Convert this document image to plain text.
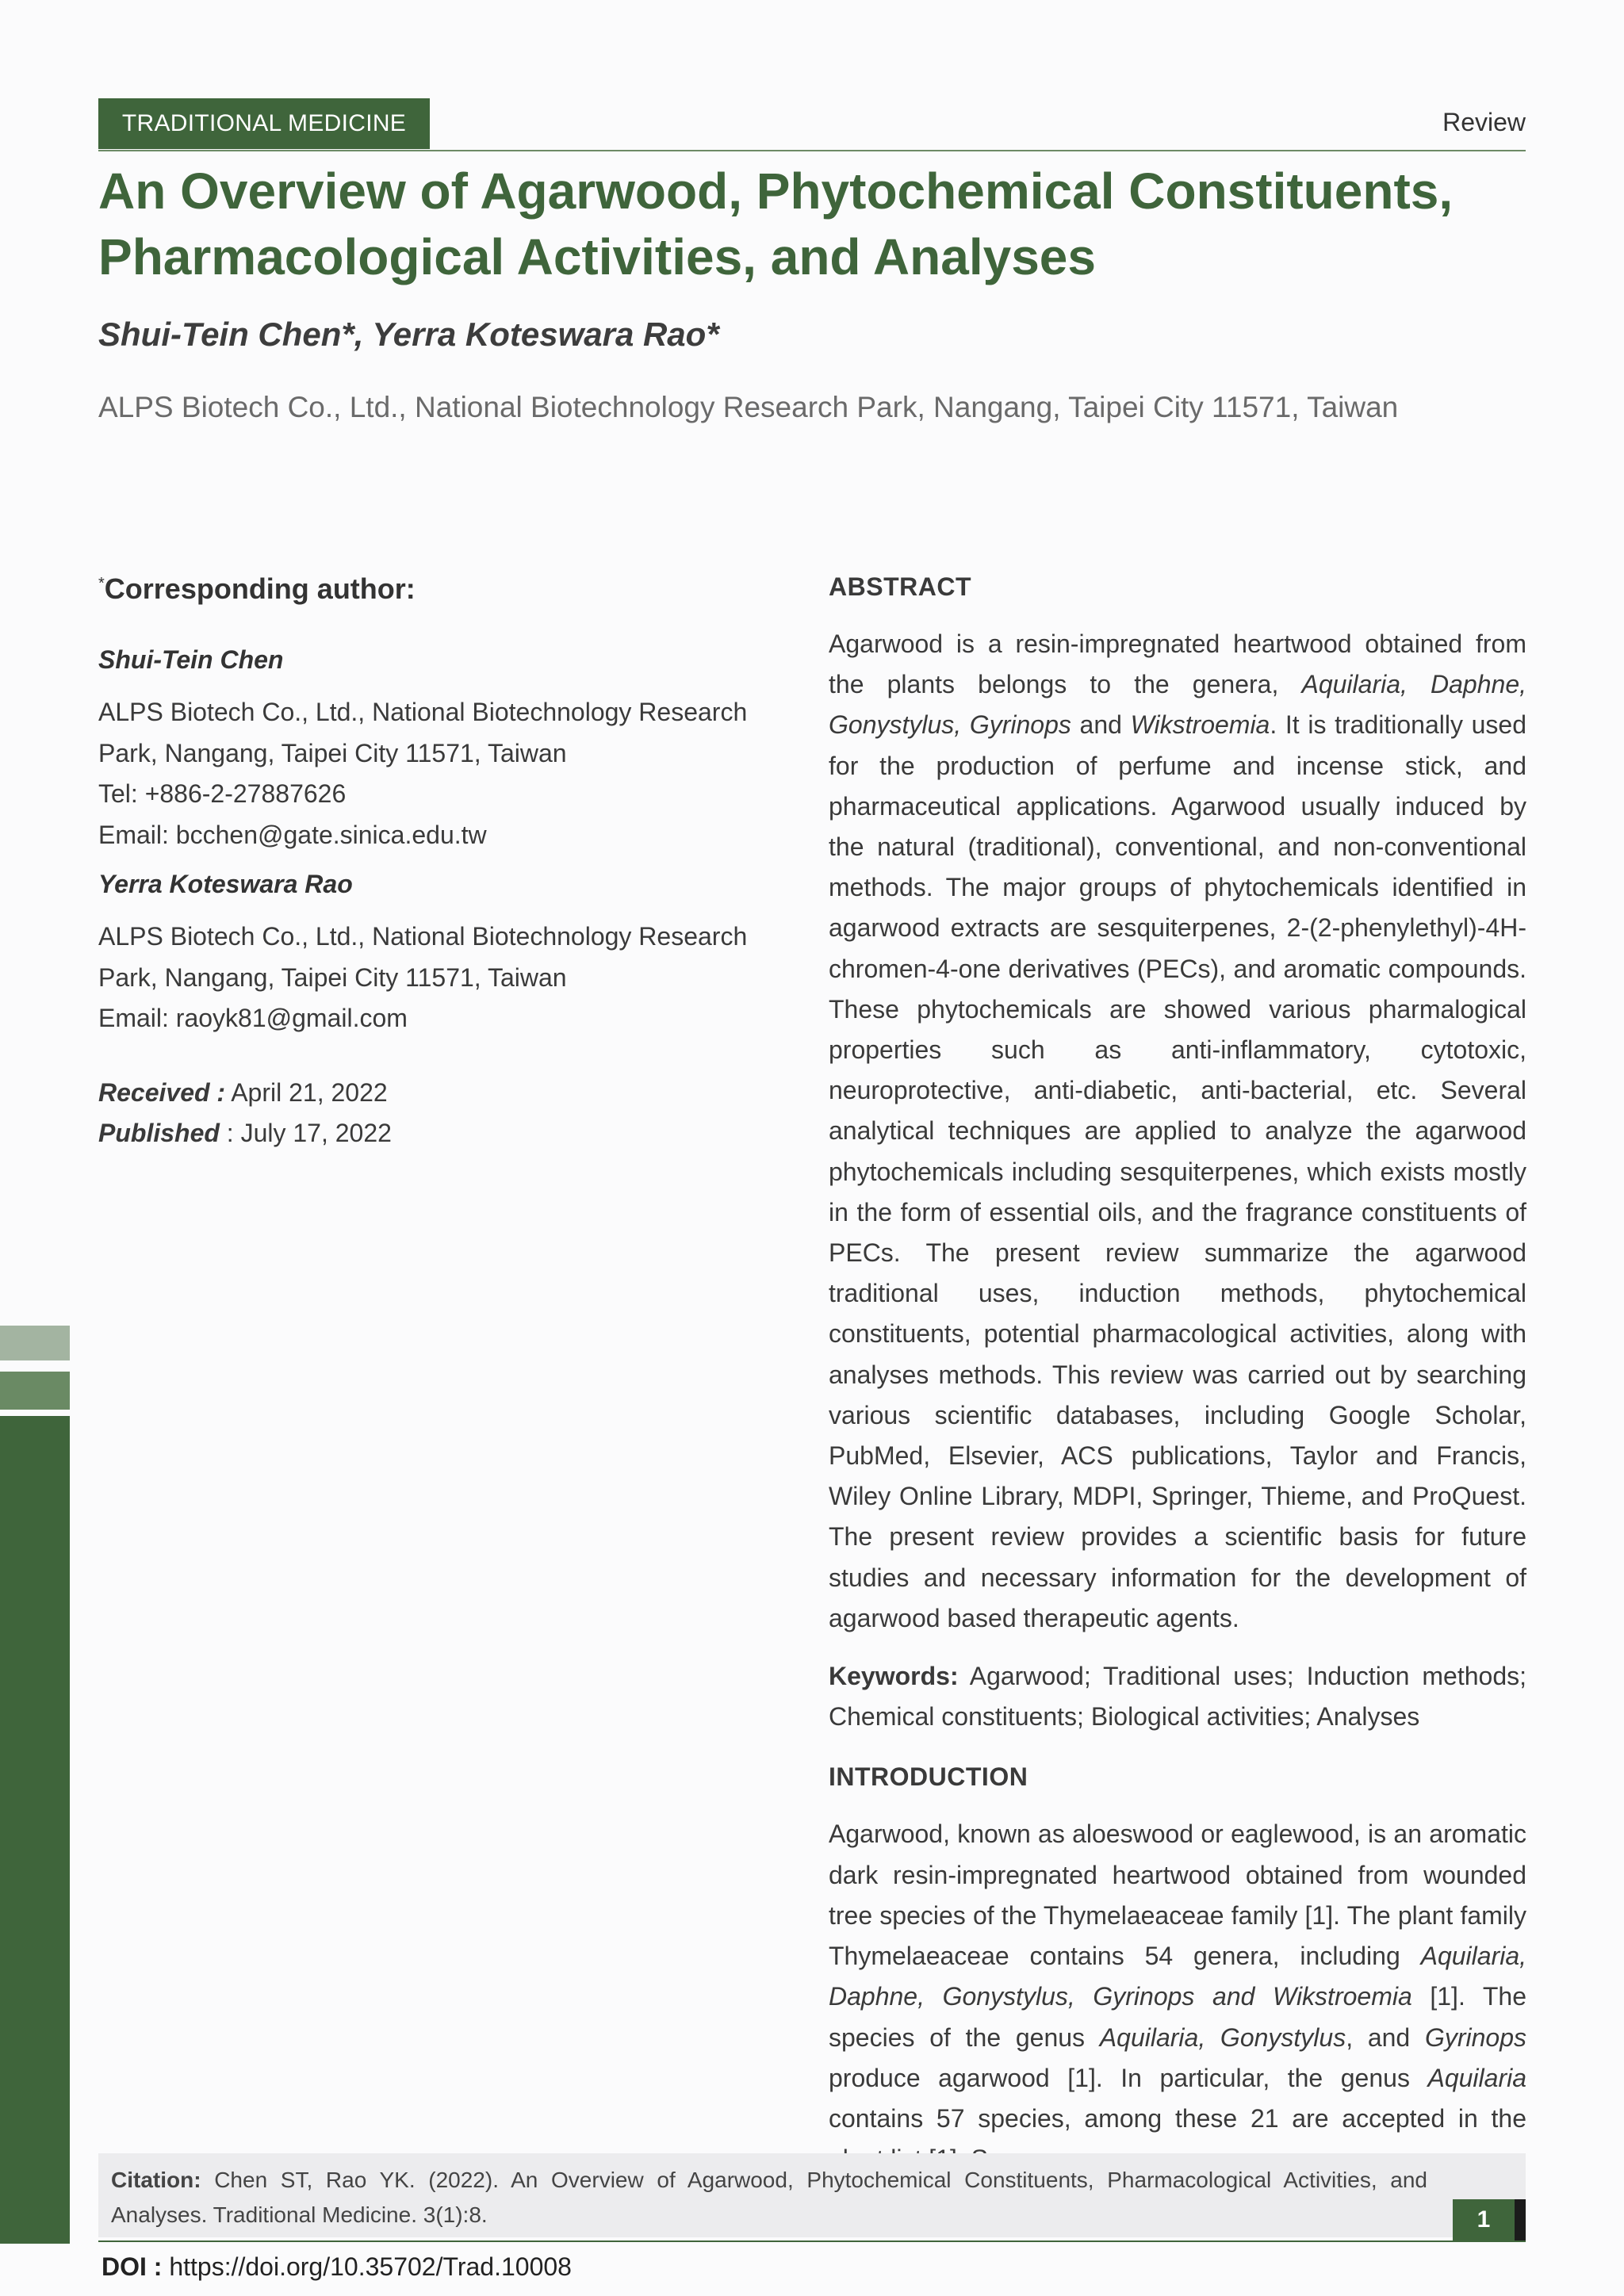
TRADITIONAL MEDICINE	Review
An Overview of Agarwood, Phytochemical Constituents, Pharmacological Activities, and Analyses
Shui-Tein Chen*, Yerra Koteswara Rao*
ALPS Biotech Co., Ltd., National Biotechnology Research Park, Nangang, Taipei City 11571, Taiwan
*Corresponding author:
Shui-Tein Chen
ALPS Biotech Co., Ltd., National Biotechnology Research
Park, Nangang, Taipei City 11571, Taiwan
Tel: +886-2-27887626
Email: bcchen@gate.sinica.edu.tw
Yerra Koteswara Rao
ALPS Biotech Co., Ltd., National Biotechnology Research
Park, Nangang, Taipei City 11571, Taiwan
Email: raoyk81@gmail.com
Received : April 21, 2022
Published : July 17, 2022
ABSTRACT

Agarwood is a resin-impregnated heartwood obtained from the plants belongs to the genera, Aquilaria, Daphne, Gonystylus, Gyrinops and Wikstroemia. It is traditionally used for the production of perfume and incense stick, and pharmaceutical applications. Agarwood usually induced by the natural (traditional), conventional, and non-conventional methods. The major groups of phytochemicals identified in agarwood extracts are sesquiterpenes, 2-(2-phenylethyl)-4H-chromen-4-one derivatives (PECs), and aromatic compounds. These phytochemicals are showed various pharmalogical properties such as anti-inflammatory, cytotoxic, neuroprotective, anti-diabetic, anti-bacterial, etc. Several analytical techniques are applied to analyze the agarwood phytochemicals including sesquiterpenes, which exists mostly in the form of essential oils, and the fragrance constituents of PECs. The present review summarize the agarwood traditional uses, induction methods, phytochemical constituents, potential pharmacological activities, along with analyses methods. This review was carried out by searching various scientific databases, including Google Scholar, PubMed, Elsevier, ACS publications, Taylor and Francis, Wiley Online Library, MDPI, Springer, Thieme, and ProQuest. The present review provides a scientific basis for future studies and necessary information for the development of agarwood based therapeutic agents.

Keywords: Agarwood; Traditional uses; Induction methods; Chemical constituents; Biological activities; Analyses

INTRODUCTION

Agarwood, known as aloeswood or eaglewood, is an aromatic dark resin-impregnated heartwood obtained from wounded tree species of the Thymelaeaceae family [1]. The plant family Thymelaeaceae contains 54 genera, including Aquilaria, Daphne, Gonystylus, Gyrinops and Wikstroemia [1]. The species of the genus Aquilaria, Gonystylus, and Gyrinops produce agarwood [1]. In particular, the genus Aquilaria contains 57 species, among these 21 are accepted in the

Citation: Chen ST, Rao YK. (2022). An Overview of Agarwood, Phytochemical Constituents, Pharmacological Activities, and Analyses. Traditional Medicine. 3(1):8.	1
DOI : https://doi.org/10.35702/Trad.10008
